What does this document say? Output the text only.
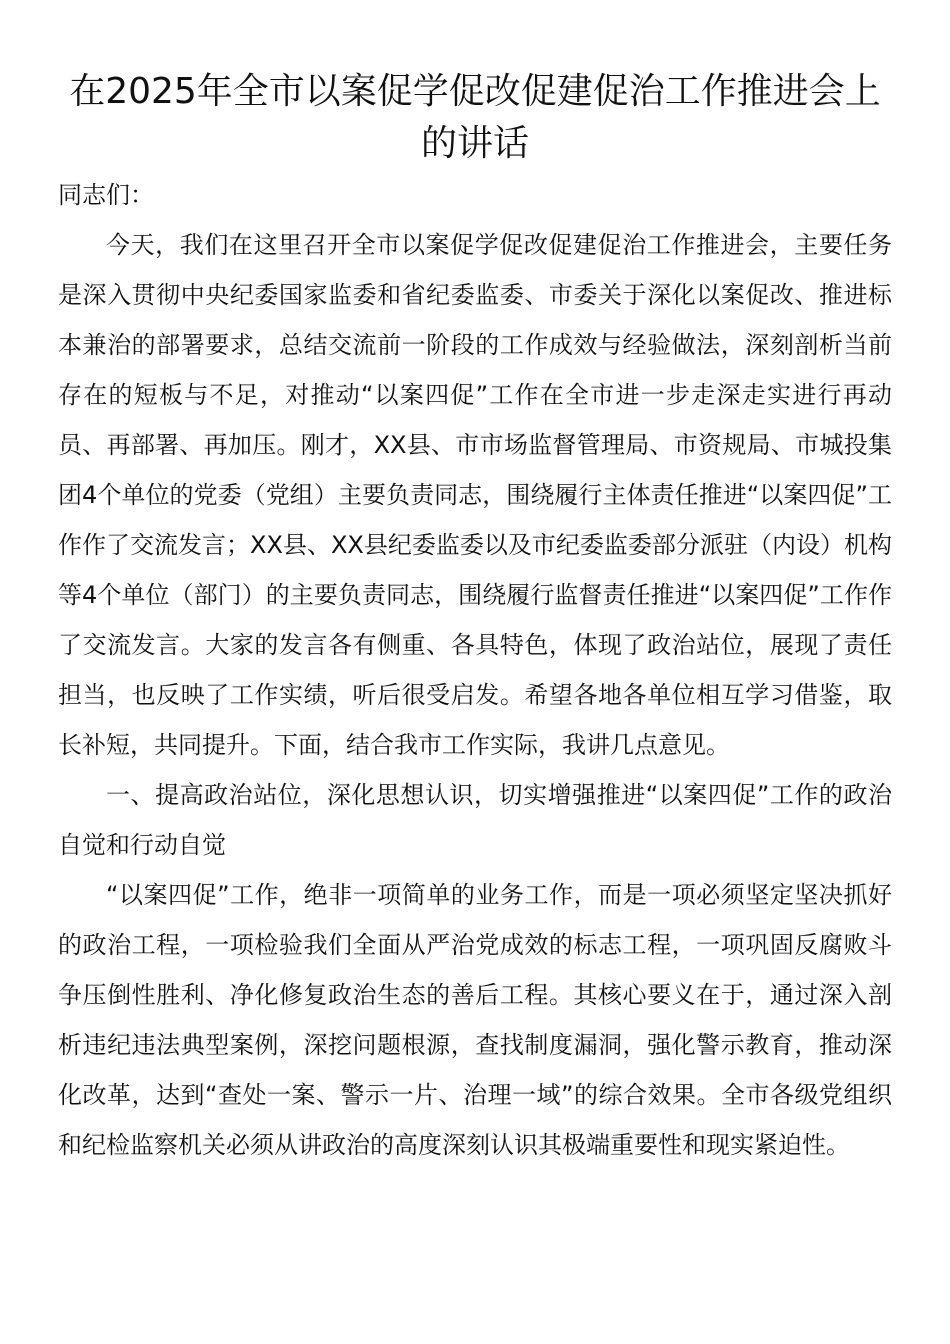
在2025年全市以案促学促改促建促治工作推进会上的讲话

同志们：

今天，我们在这里召开全市以案促学促改促建促治工作推进会，主要任务是深入贯彻中央纪委国家监委和省纪委监委、市委关于深化以案促改、推进标本兼治的部署要求，总结交流前一阶段的工作成效与经验做法，深刻剖析当前存在的短板与不足，对推动“以案四促”工作在全市进一步走深走实进行再动员、再部署、再加压。刚才，XX县、市市场监督管理局、市资规局、市城投集团4个单位的党委（党组）主要负责同志，围绕履行主体责任推进“以案四促”工作作了交流发言；XX县、XX县纪委监委以及市纪委监委部分派驻（内设）机构等4个单位（部门）的主要负责同志，围绕履行监督责任推进“以案四促”工作作了交流发言。大家的发言各有侧重、各具特色，体现了政治站位，展现了责任担当，也反映了工作实绩，听后很受启发。希望各地各单位相互学习借鉴，取长补短，共同提升。下面，结合我市工作实际，我讲几点意见。

一、提高政治站位，深化思想认识，切实增强推进“以案四促”工作的政治自觉和行动自觉

“以案四促”工作，绝非一项简单的业务工作，而是一项必须坚定坚决抓好的政治工程，一项检验我们全面从严治党成效的标志工程，一项巩固反腐败斗争压倒性胜利、净化修复政治生态的善后工程。其核心要义在于，通过深入剖析违纪违法典型案例，深挖问题根源，查找制度漏洞，强化警示教育，推动深化改革，达到“查处一案、警示一片、治理一域”的综合效果。全市各级党组织和纪检监察机关必须从讲政治的高度深刻认识其极端重要性和现实紧迫性。
